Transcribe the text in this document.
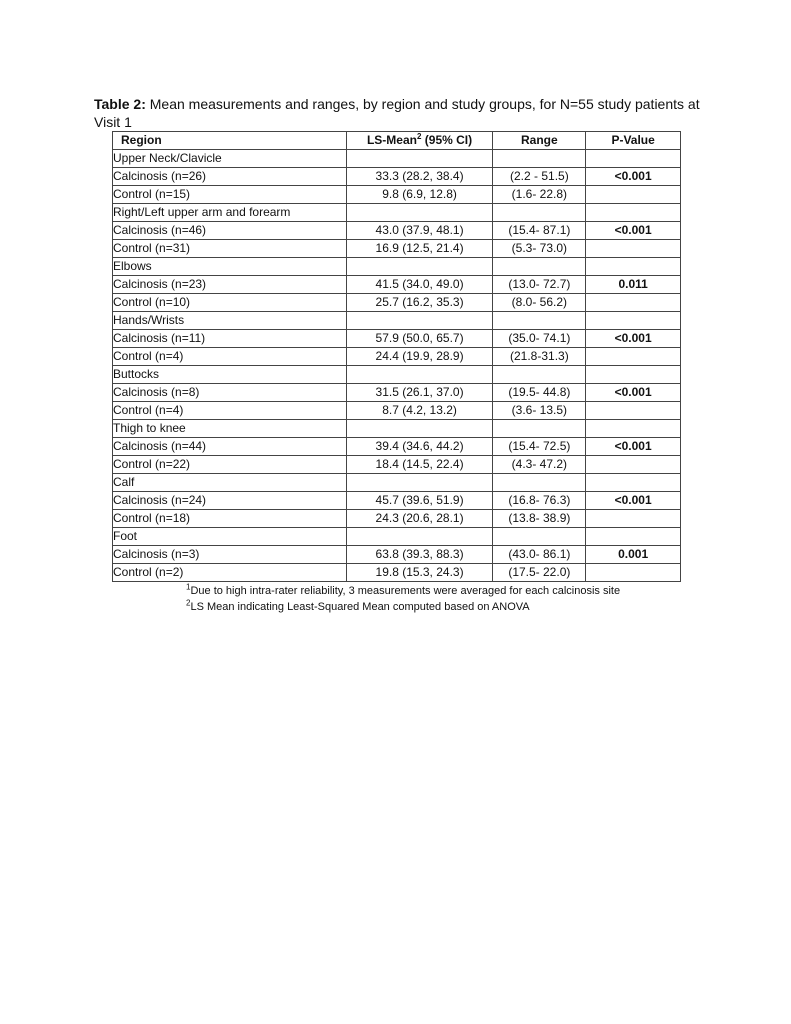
Table 2: Mean measurements and ranges, by region and study groups, for N=55 study patients at Visit 1
Region	LS-Mean$^2$ (95% CI)	Range	P-Value
Upper Neck/Clavicle			
Calcinosis (n=26)	33.3 (28.2, 38.4)	(2.2 - 51.5)	<0.001
Control (n=15)	9.8 (6.9, 12.8)	(1.6- 22.8)	
Right/Left upper arm and forearm			
Calcinosis (n=46)	43.0 (37.9, 48.1)	(15.4- 87.1)	<0.001
Control (n=31)	16.9 (12.5, 21.4)	(5.3- 73.0)	
Elbows			
Calcinosis (n=23)	41.5 (34.0, 49.0)	(13.0- 72.7)	0.011
Control (n=10)	25.7 (16.2, 35.3)	(8.0- 56.2)	
Hands/Wrists			
Calcinosis (n=11)	57.9 (50.0, 65.7)	(35.0- 74.1)	<0.001
Control (n=4)	24.4 (19.9, 28.9)	(21.8-31.3)	
Buttocks			
Calcinosis (n=8)	31.5 (26.1, 37.0)	(19.5- 44.8)	<0.001
Control (n=4)	8.7 (4.2, 13.2)	(3.6- 13.5)	
Thigh to knee			
Calcinosis (n=44)	39.4 (34.6, 44.2)	(15.4- 72.5)	<0.001
Control (n=22)	18.4 (14.5, 22.4)	(4.3- 47.2)	
Calf			
Calcinosis (n=24)	45.7 (39.6, 51.9)	(16.8- 76.3)	<0.001
Control (n=18)	24.3 (20.6, 28.1)	(13.8- 38.9)	
Foot			
Calcinosis (n=3)	63.8 (39.3, 88.3)	(43.0- 86.1)	0.001
Control (n=2)	19.8 (15.3, 24.3)	(17.5- 22.0)	
$^1$Due to high intra-rater reliability, 3 measurements were averaged for each calcinosis site
$^2$LS Mean indicating Least-Squared Mean computed based on ANOVA
